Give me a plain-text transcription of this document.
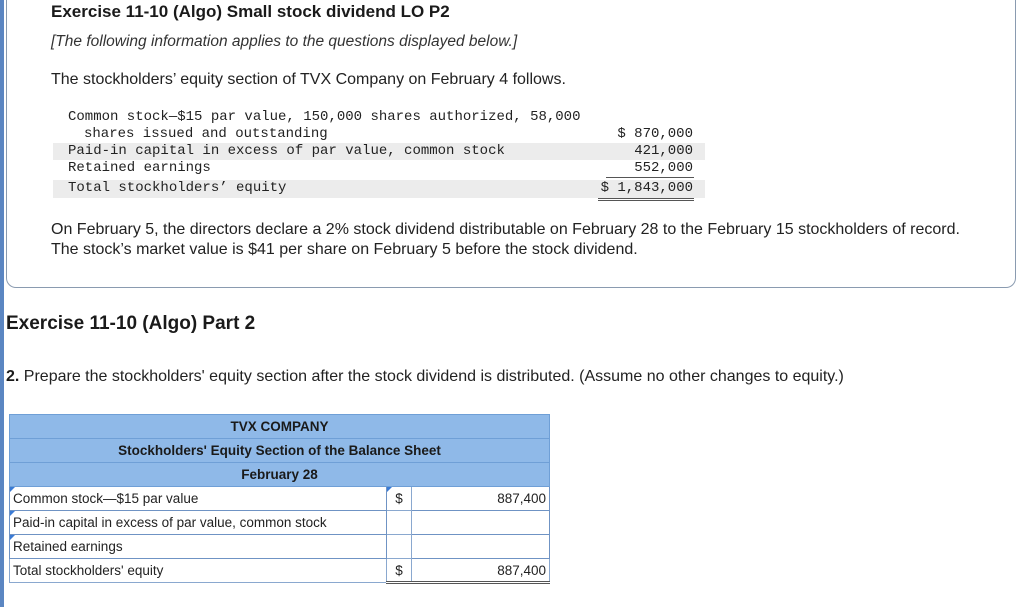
Exercise 11-10 (Algo) Small stock dividend LO P2
[The following information applies to the questions displayed below.]
The stockholders’ equity section of TVX Company on February 4 follows.
Common stock—$15 par value, 150,000 shares authorized, 58,000
shares issued and outstanding	$ 870,000
Paid-in capital in excess of par value, common stock	421,000
Retained earnings	552,000
Total stockholders’ equity	$ 1,843,000
On February 5, the directors declare a 2% stock dividend distributable on February 28 to the February 15 stockholders of record. The stock’s market value is $41 per share on February 5 before the stock dividend.
Exercise 11-10 (Algo) Part 2
2. Prepare the stockholders' equity section after the stock dividend is distributed. (Assume no other changes to equity.)
TVX COMPANY		
Stockholders' Equity Section of the Balance Sheet		
February 28		
Common stock—$15 par value	$	887,400
Paid-in capital in excess of par value, common stock		
Retained earnings		
Total stockholders' equity	$	887,400
